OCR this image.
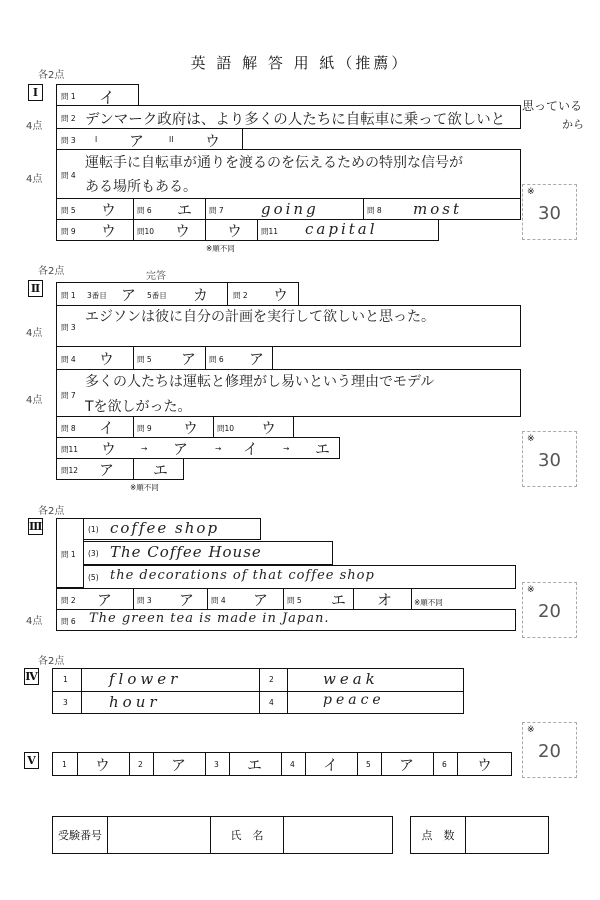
英 語 解 答 用 紙（推薦）
各2点
Ⅰ
4点
4点
問 1 イ
問 2 デンマーク政府は、より多くの人たちに自転車に乗って欲しいと
思っている
から
問 3	I ア	II ウ
問 4
運転手に自転車が通りを渡るのを伝えるための特別な信号が
ある場所もある。
問 5 ウ	問 6 エ 問 7 going	問 8 most
問 9 ウ	問10 ウ ウ	問11 capital
※順不同
※
30
各2点	完答
Ⅱ
4点
4点
問 1 3番目 ア 5番目 カ	問 2 ウ
問 3
エジソンは彼に自分の計画を実行して欲しいと思った。
問 4 ウ	問 5 ア 問 6 ア
問 7
多くの人たちは運転と修理がし易いという理由でモデル
Tを欲しがった。
問 8 イ	問 9 ウ	問10 ウ
問11 ウ	→ ア	→ イ	→ エ
問12 ア	エ
※順不同
※
30
各2点
Ⅲ
4点
問 1
(1) coffee shop
(3) The Coffee House
(5) the decorations of that coffee shop
問 2 ア	問 3 ア 問 4 ア	問 5 エ オ	※順不同
問 6 The green tea is made in Japan.
※
20
各2点
Ⅳ	1	flower	2	weak
3	hour	4	peace
Ⅴ	1 ウ	2 ア	3 エ	4 イ	5 ア	6 ウ
※
20
受験番号		氏　名		点　数	
